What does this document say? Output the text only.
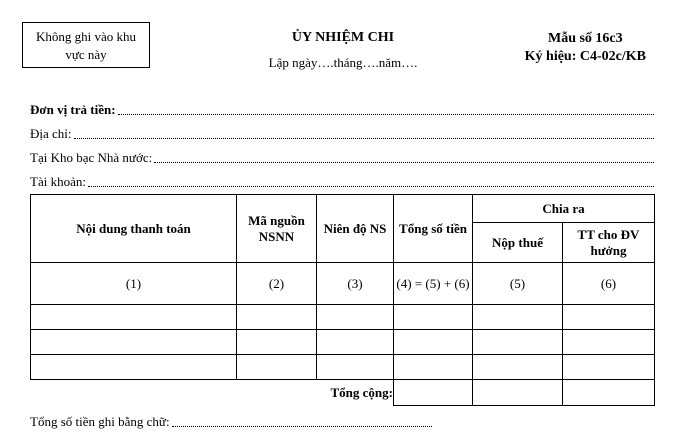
Không ghi vào khu
vực này
ỦY NHIỆM CHI
Lập ngày….tháng….năm….
Mẫu số 16c3
Ký hiệu: C4-02c/KB
Đơn vị trả tiền:
Địa chỉ:
Tại Kho bạc Nhà nước:
Tài khoản:
Nội dung thanh toán	Mã nguồn NSNN	Niên độ NS	Tổng số tiền	Chia ra	
				Nộp thuế	TT cho ĐV hưởng
(1)	(2)	(3)	(4) = (5) + (6)	(5)	(6)

Tổng cộng:					
Tổng số tiền ghi bằng chữ:
